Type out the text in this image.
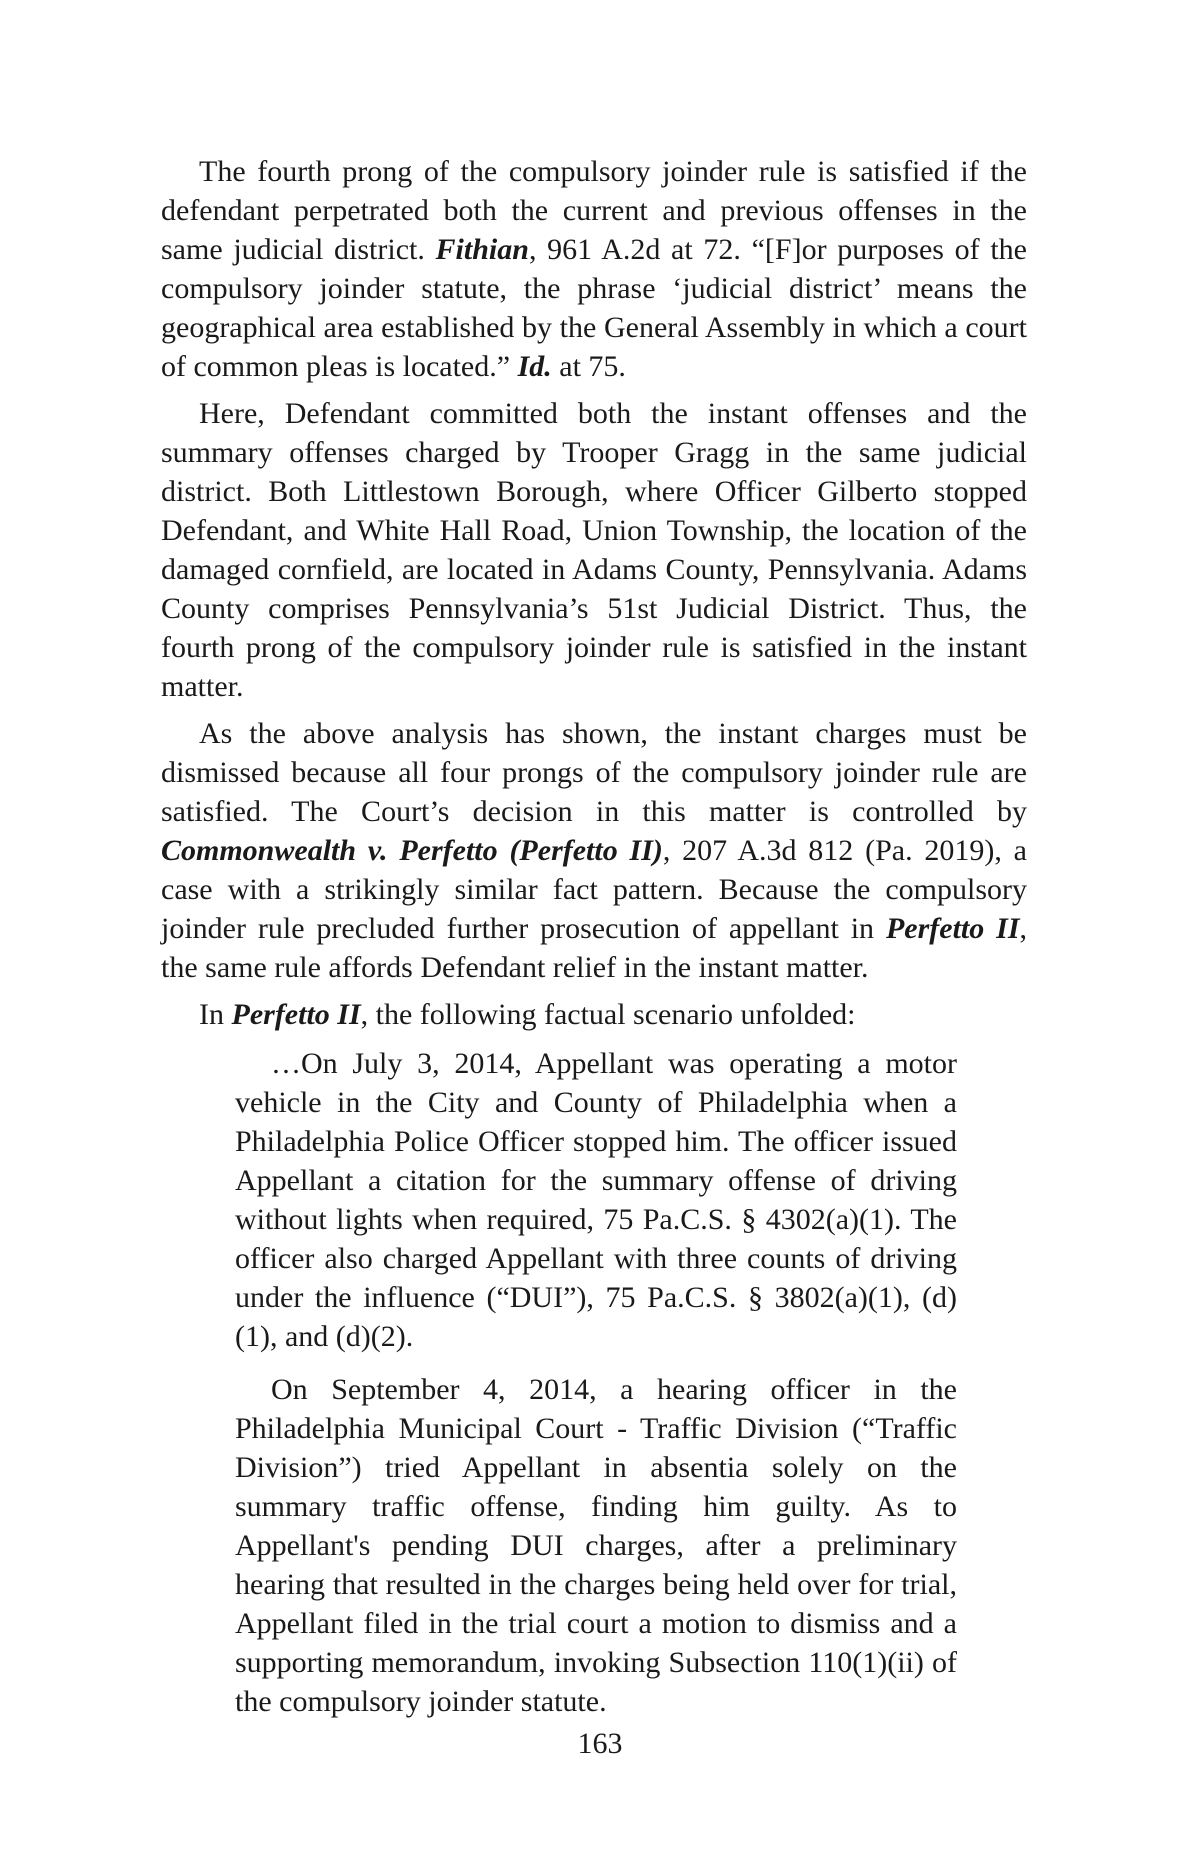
The fourth prong of the compulsory joinder rule is satisfied if the defendant perpetrated both the current and previous offenses in the same judicial district. Fithian, 961 A.2d at 72. “[F]or purposes of the compulsory joinder statute, the phrase ‘judicial district’ means the geographical area established by the General Assembly in which a court of common pleas is located.” Id. at 75.

Here, Defendant committed both the instant offenses and the summary offenses charged by Trooper Gragg in the same judicial district. Both Littlestown Borough, where Officer Gilberto stopped Defendant, and White Hall Road, Union Township, the location of the damaged cornfield, are located in Adams County, Pennsylvania. Adams County comprises Pennsylvania’s 51st Judicial District. Thus, the fourth prong of the compulsory joinder rule is satisfied in the instant matter.

As the above analysis has shown, the instant charges must be dismissed because all four prongs of the compulsory joinder rule are satisfied. The Court’s decision in this matter is controlled by Commonwealth v. Perfetto (Perfetto II), 207 A.3d 812 (Pa. 2019), a case with a strikingly similar fact pattern. Because the compulsory joinder rule precluded further prosecution of appellant in Perfetto II, the same rule affords Defendant relief in the instant matter.

In Perfetto II, the following factual scenario unfolded:

…On July 3, 2014, Appellant was operating a motor vehicle in the City and County of Philadelphia when a Philadelphia Police Officer stopped him. The officer issued Appellant a citation for the summary offense of driving without lights when required, 75 Pa.C.S. § 4302(a)(1). The officer also charged Appellant with three counts of driving under the influence (“DUI”), 75 Pa.C.S. § 3802(a)(1), (d)(1), and (d)(2).

On September 4, 2014, a hearing officer in the Philadelphia Municipal Court - Traffic Division (“Traffic Division”) tried Appellant in absentia solely on the summary traffic offense, finding him guilty. As to Appellant's pending DUI charges, after a preliminary hearing that resulted in the charges being held over for trial, Appellant filed in the trial court a motion to dismiss and a supporting memorandum, invoking Subsection 110(1)(ii) of the compulsory joinder statute.

163
